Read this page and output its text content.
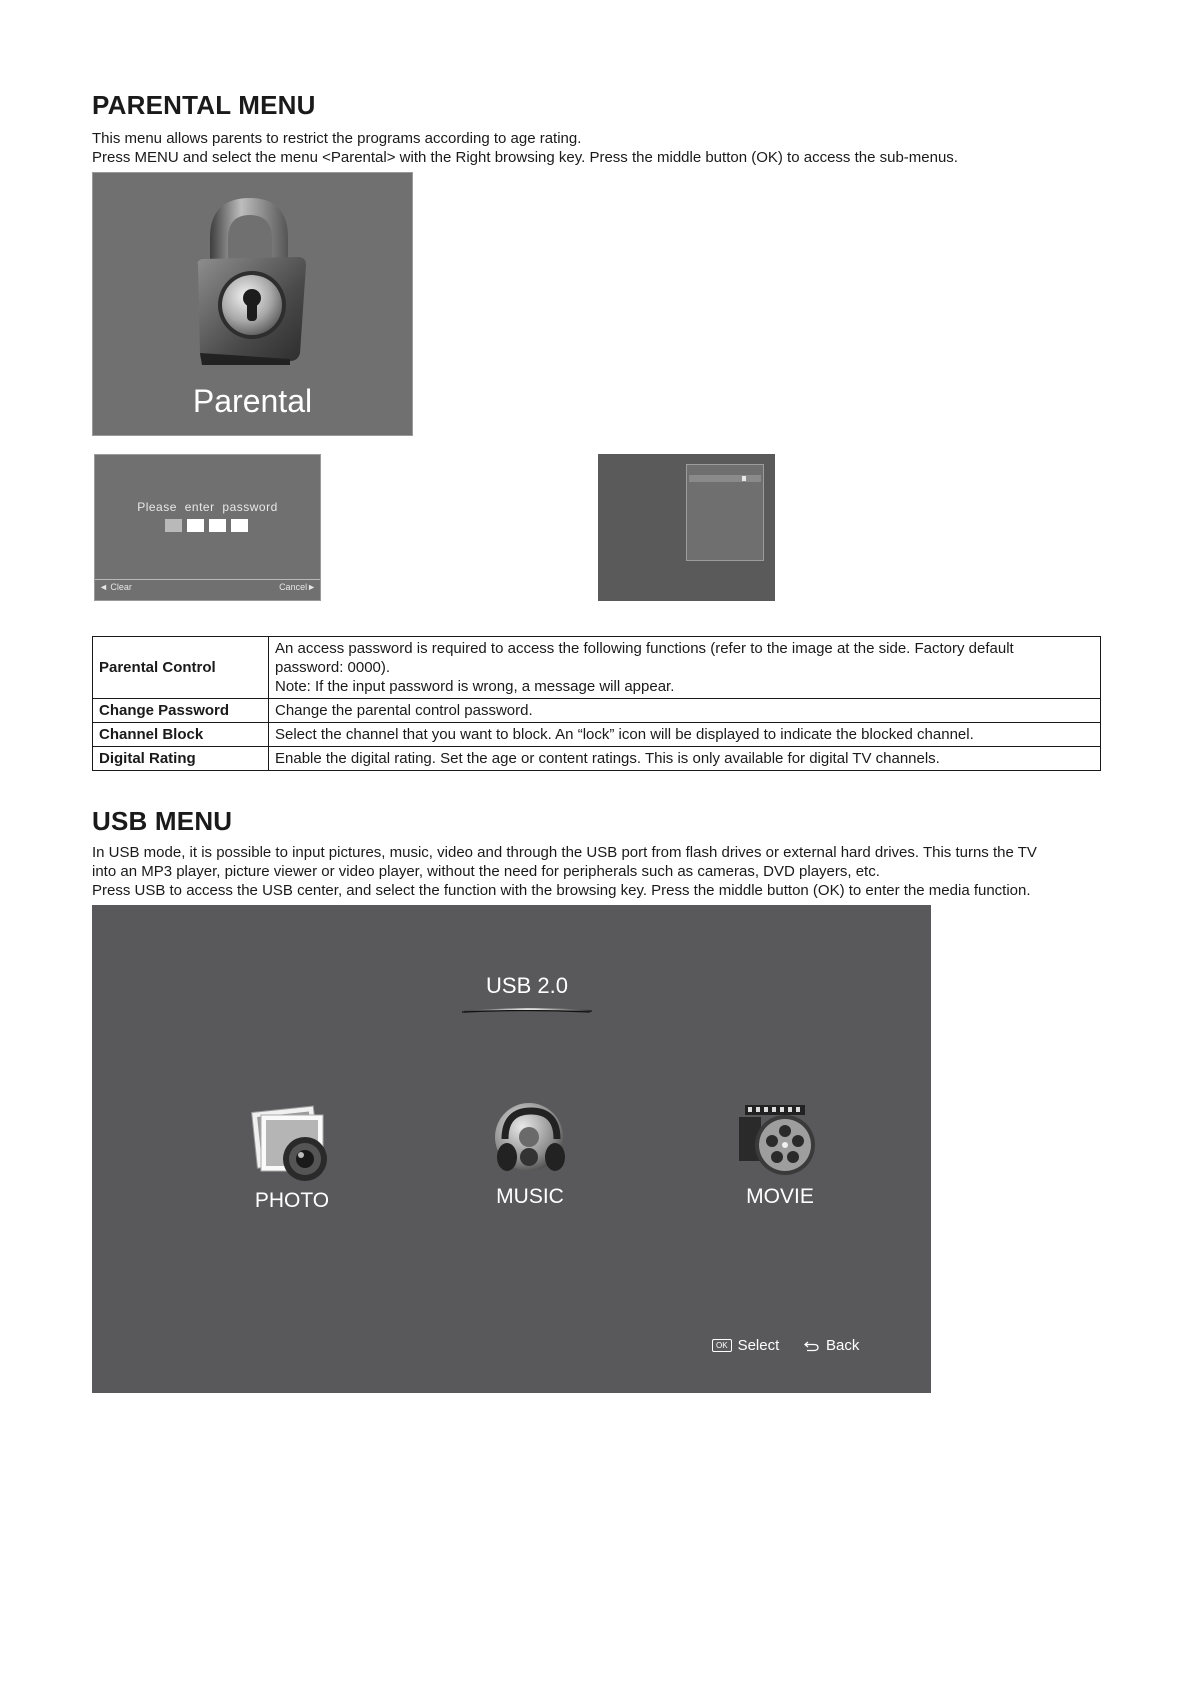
PARENTAL MENU
This menu allows parents to restrict the programs according to age rating.
Press MENU and select the menu <Parental> with the Right browsing key. Press the middle button (OK) to access the sub-menus.
Parental
Please enter password
◄ Clear	Cancel►
Parental Control	An access password is required to access the following functions (refer to the image at the side. Factory default
password: 0000).
Note: If the input password is wrong, a message will appear.

Change Password	Change the parental control password.
Channel Block	Select the channel that you want to block. An “lock” icon will be displayed to indicate the blocked channel.
Digital Rating	Enable the digital rating. Set the age or content ratings. This is only available for digital TV channels.
USB MENU
In USB mode, it is possible to input pictures, music, video and through the USB port from flash drives or external hard drives. This turns the TV
into an MP3 player, picture viewer or video player, without the need for peripherals such as cameras, DVD players, etc.
Press USB to access the USB center, and select the function with the browsing key. Press the middle button (OK) to enter the media function.
USB 2.0
PHOTO	MUSIC	MOVIE
OK Select	Back
